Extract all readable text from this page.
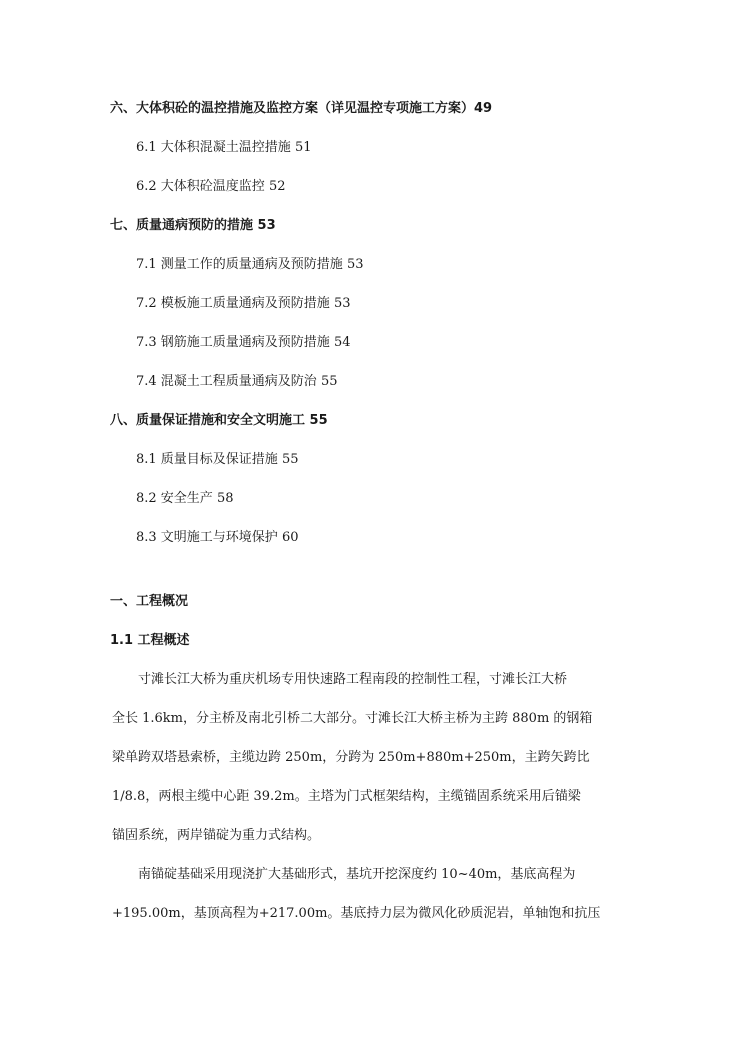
六、大体积砼的温控措施及监控方案（详见温控专项施工方案）49
6.1 大体积混凝土温控措施 51
6.2 大体积砼温度监控 52
七、质量通病预防的措施 53
7.1 测量工作的质量通病及预防措施 53
7.2 模板施工质量通病及预防措施 53
7.3 钢筋施工质量通病及预防措施 54
7.4 混凝土工程质量通病及防治 55
八、质量保证措施和安全文明施工 55
8.1 质量目标及保证措施 55
8.2 安全生产 58
8.3 文明施工与环境保护 60
一、工程概况
1.1 工程概述
寸滩长江大桥为重庆机场专用快速路工程南段的控制性工程，寸滩长江大桥
全长 1.6km，分主桥及南北引桥二大部分。寸滩长江大桥主桥为主跨 880m 的钢箱
梁单跨双塔悬索桥，主缆边跨 250m，分跨为 250m+880m+250m，主跨矢跨比
1/8.8，两根主缆中心距 39.2m。主塔为门式框架结构，主缆锚固系统采用后锚梁
锚固系统，两岸锚碇为重力式结构。
南锚碇基础采用现浇扩大基础形式，基坑开挖深度约 10~40m，基底高程为
+195.00m，基顶高程为+217.00m。基底持力层为微风化砂质泥岩，单轴饱和抗压
